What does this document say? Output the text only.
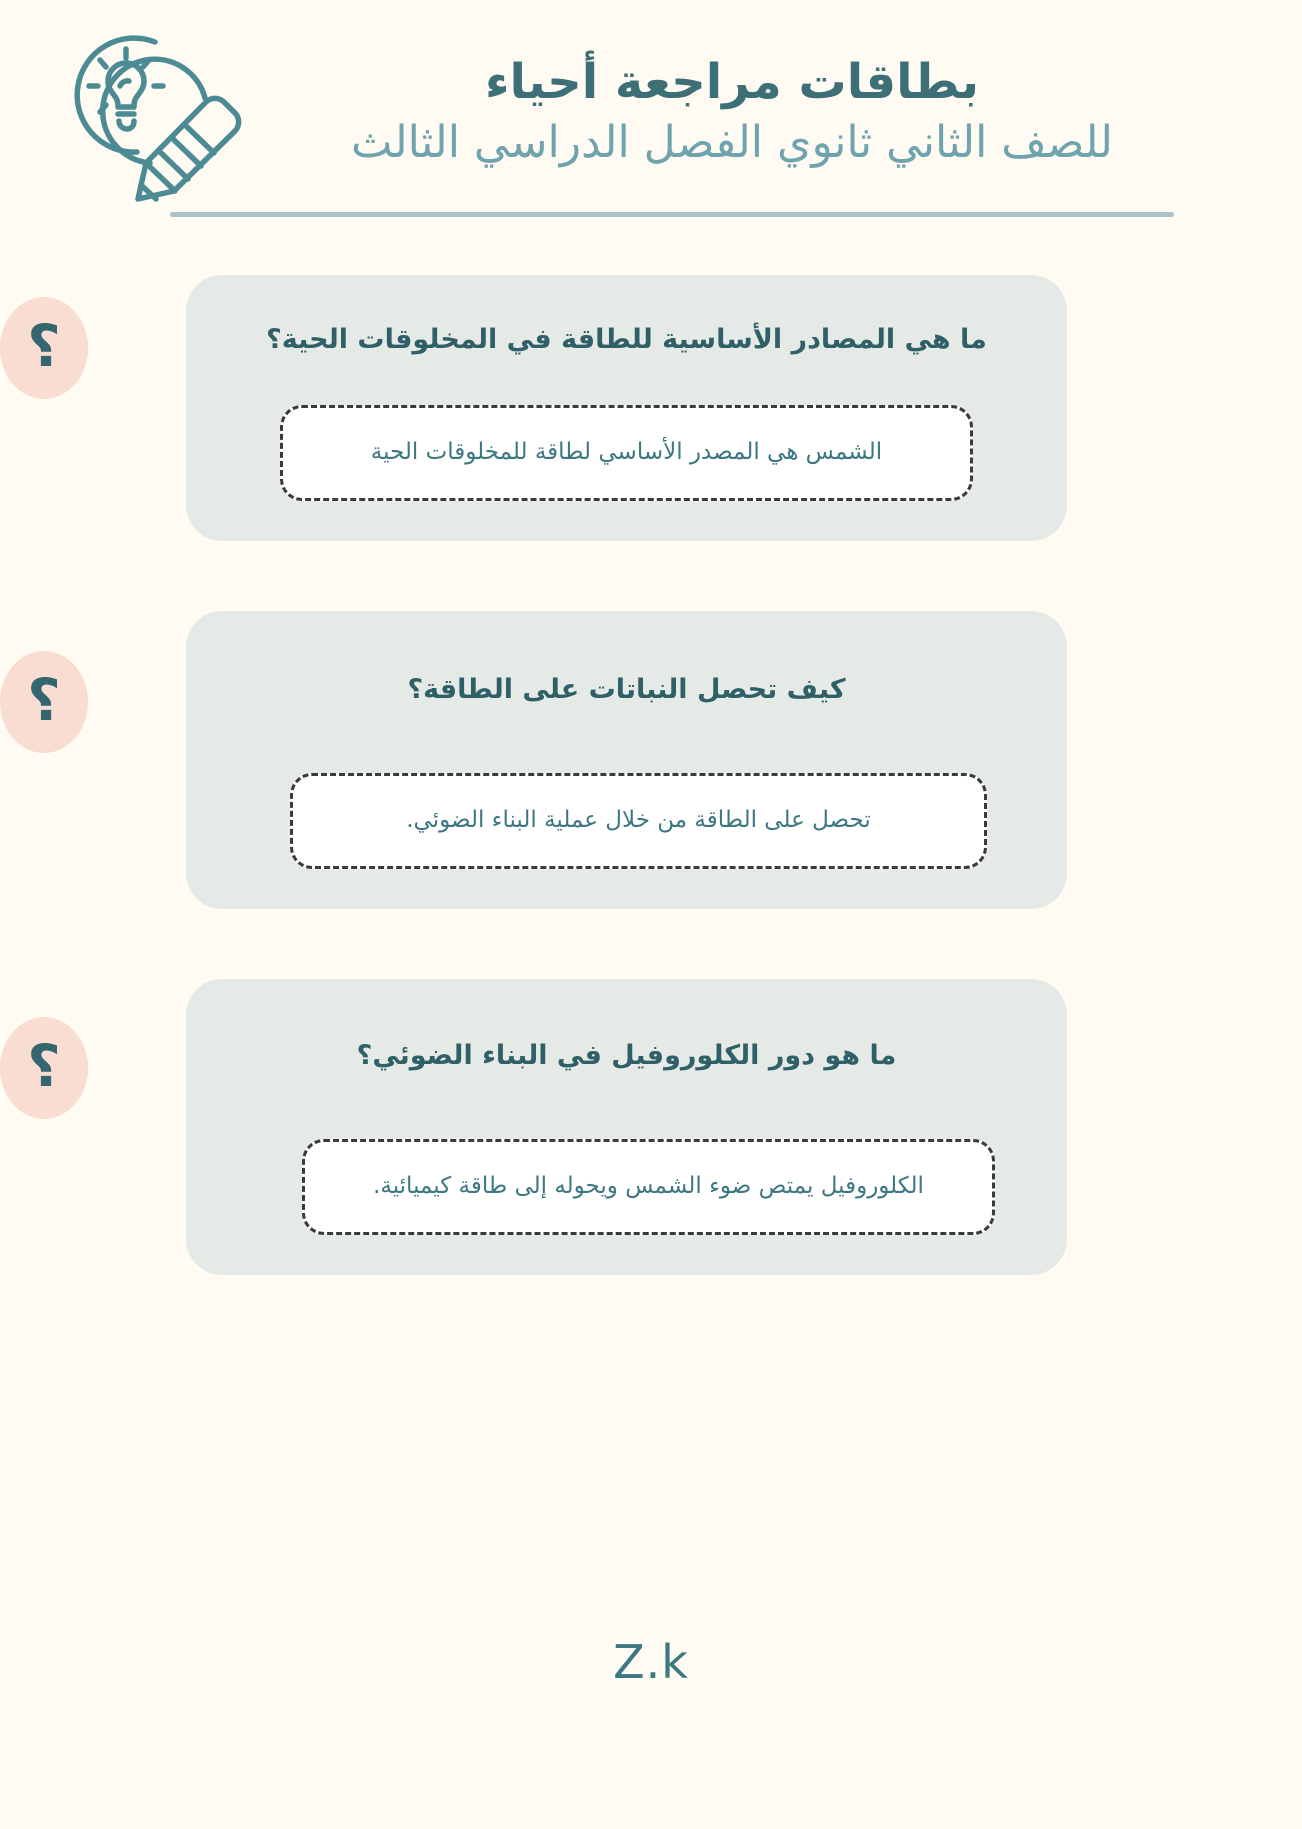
بطاقات مراجعة أحياء
للصف الثاني ثانوي الفصل الدراسي الثالث
؟	ما هي المصادر الأساسية للطاقة في المخلوقات الحية؟
الشمس هي المصدر الأساسي لطاقة للمخلوقات الحية
؟	كيف تحصل النباتات على الطاقة؟
تحصل على الطاقة من خلال عملية البناء الضوئي.
؟	ما هو دور الكلوروفيل في البناء الضوئي؟
الكلوروفيل يمتص ضوء الشمس ويحوله إلى طاقة كيميائية.
Z.k
